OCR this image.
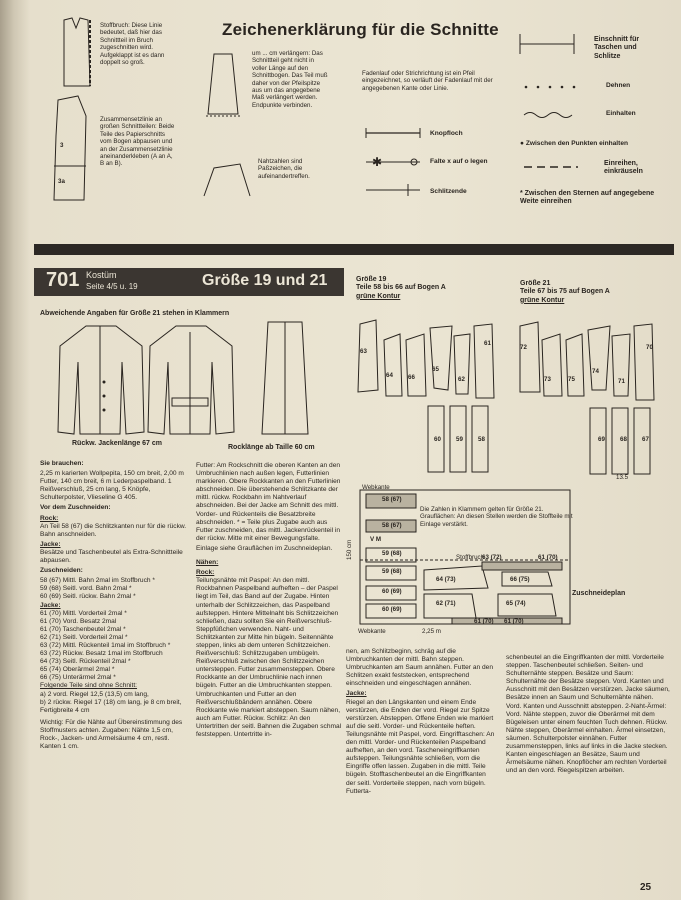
Stoffbruch: Diese Linie bedeutet, daß hier das Schnittteil im Bruch zugeschnitten wird. Aufgeklappt ist es dann doppelt so groß.
3
3a
Zusammensetzlinie an großen Schnittteilen: Beide Teile des Papierschnitts vom Bogen abpausen und an der Zusammensetzlinie aneinanderkleben (A an A, B an B).
Zeichenerklärung für die Schnitte
um ... cm verlängern: Das Schnittteil geht nicht in voller Länge auf den Schnittbogen. Das Teil muß daher von der Pfeilspitze aus um das angegebene Maß verlängert werden. Endpunkte verbinden.
Nahtzahlen sind Paßzeichen, die aufeinandertreffen.
Fadenlauf oder Strichrichtung ist ein Pfeil eingezeichnet, so verläuft der Fadenlauf mit der angegebenen Kante oder Linie.
Knopfloch
✱	Falte x auf o legen
Schlitzende
Einschnitt für Taschen und Schlitze
Dehnen
Einhalten
● Zwischen den Punkten einhalten
Einreihen, einkräuseln
* Zwischen den Sternen auf angegebene Weite einreihen
701 Kostüm
Seite 4/5 u. 19	Größe 19 und 21
Abweichende Angaben für Größe 21 stehen in Klammern
Rückw. Jackenlänge 67 cm
Rocklänge ab Taille 60 cm
Größe 19
Teile 58 bis 66 auf Bogen A
grüne Kontur
Größe 21
Teile 67 bis 75 auf Bogen A
grüne Kontur
63
64 66
65
62
61
60 59 58
72
73	75
74
71
70
69 68 67
13.5

Sie brauchen:

2,25 m karierten Wollpepita, 150 cm breit, 2,00 m Futter, 140 cm breit, 6 m Lederpaspelband. 1 Reißverschluß, 25 cm lang, 5 Knöpfe, Schulterpolster, Vlieseline G 405.

Vor dem Zuschneiden:

Rock:

An Teil 58 (67) die Schlitzkanten nur für die rückw. Bahn anschneiden.

Jacke:

Besätze und Taschenbeutel als Extra-Schnittteile abpausen.

Zuschneiden:

58 (67) Mittl. Bahn 2mal im Stoffbruch *
59 (68) Seitl. vord. Bahn 2mal *
60 (69) Seitl. rückw. Bahn 2mal *
Jacke:
61 (70) Mittl. Vorderteil 2mal *
61 (70) Vord. Besatz 2mal
61 (70) Taschenbeutel 2mal *
62 (71) Seitl. Vorderteil 2mal *
63 (72) Mittl. Rückenteil 1mal im Stoffbruch *
63 (72) Rückw. Besatz 1mal im Stoffbruch
64 (73) Seitl. Rückenteil 2mal *
65 (74) Oberärmel 2mal *
66 (75) Unterärmel 2mal *
Folgende Teile sind ohne Schnitt:
a) 2 vord. Riegel 12,5 (13,5) cm lang,
b) 2 rückw. Riegel 17 (18) cm lang, je 8 cm breit, Fertigbreite 4 cm

Wichtig: Für die Nähte auf Übereinstimmung des Stoffmusters achten. Zugaben: Nähte 1,5 cm, Rock-, Jacken- und Armelsäume 4 cm, restl. Kanten 1 cm.

Futter: Am Rockschnitt die oberen Kanten an den Umbruchlinien nach außen legen, Futterlinien markieren. Obere Rockkanten an den Futterlinien abschneiden. Die überstehende Schlitzkante der mittl. rückw. Rockbahn im Nahtverlauf abschneiden. Bei der Jacke am Schnitt des mittl. Vorder- und Rückenteils die Besatzbreite abschneiden. * = Teile plus Zugabe auch aus Futter zuschneiden, das mittl. Jackenrückenteil in der rückw. Mitte mit einer Bewegungsfalte.

Einlage siehe Grauflächen im Zuschneideplan.

Nähen:

Rock:

Teilungsnähte mit Paspel: An den mittl. Rockbahnen Paspelband aufheften – der Paspel liegt im Teil, das Band auf der Zugabe. Hinten unterhalb der Schlitzzeichen, das Paspelband aufsteppen. Hintere Mittelnaht bis Schlitzzeichen schließen, dazu sollten Sie ein Reißverschluß-Steppfüßchen verwenden. Naht- und Schlitzkanten zur Mitte hin bügeln. Seitennähte steppen, links ab dem unteren Schlitzzeichen. Reißverschluß: Schlitzzugaben umbügeln. Reißverschluß zwischen den Schlitzzeichen untersteppen. Futter zusammensteppen. Obere Rockkante an der Umbruchlinie nach innen bügeln. Futter an die Umbruchkanten steppen. Umbruchkanten und Futter an den Reißverschlußbändern annähen. Obere Rockkante wie markiert absteppen. Saum nähen, auch am Futter. Rückw. Schlitz: An den Untertritten der seitl. Bahnen die Zugaben schmal feststeppen. Untertritte in-

nen, am Schlitzbeginn, schräg auf die Umbruchkanten der mittl. Bahn steppen. Umbruchkanten am Saum annähen. Futter an den Schlitzen exakt feststecken, entsprechend einschneiden und eingeschlagen annähen.

Jacke:

Riegel an den Längskanten und einem Ende verstürzen, die Enden der vord. Riegel zur Spitze verstürzen. Absteppen. Offene Enden wie markiert auf die seitl. Vorder- und Rückenteile heften. Teilungsnähte mit Paspel, vord. Eingrifftaschen: An den mittl. Vorder- und Rückenteilen Paspelband aufheften, an den vord. Taschеneingriffkanten aufsteppen. Teilungsnähte schließen, vorn die Eingriffe offen lassen. Zugaben in die mittl. Teile bügeln. Stofftaschenbeutel an die Eingriffkanten der seitl. Vorderteile steppen, nach vorn bügeln. Futterta-

schenbeutel an die Eingriffkanten der mittl. Vorderteile steppen. Taschenbeutel schließen. Seiten- und Schulternähte steppen. Besätze und Saum: Schulternähte der Besätze steppen. Vord. Kanten und Ausschnitt mit den Besätzen verstürzen. Jacke säumen, Besätze innen an Saum und Schulternähte nähen. Vord. Kanten und Ausschnitt absteppen. 2-Naht-Ärmel: Vord. Nähte steppen, zuvor die Oberärmel mit dem Bügeleisen unter einem feuchten Tuch dehnen. Rückw. Nähte steppen, Oberärmel einhalten. Ärmel einsetzen, säumen. Schulterpolster einnähen. Futter zusammensteppen, links auf links in die Jacke stecken. Kanten eingeschlagen an Besätze, Saum und Ärmelsäume nähen. Knopflöcher am rechten Vorderteil und an den vord. Riegelspitzen arbeiten.

Die Zahlen in Klammern gelten für Größe 21. Grauflächen: An diesen Stellen werden die Stoffteile mit Einlage verstärkt.
Webkante
Webkante
150 cm
2,25 m
Stoffbruch
Zuschneideplan
58 (67)
58 (67)
V M
59 (68)
59 (68)
60 (69)
60 (69)
63 (72)	61 (70)
66 (75)
64 (73)
65 (74)
62 (71)
61 (70) 61 (70)
25
